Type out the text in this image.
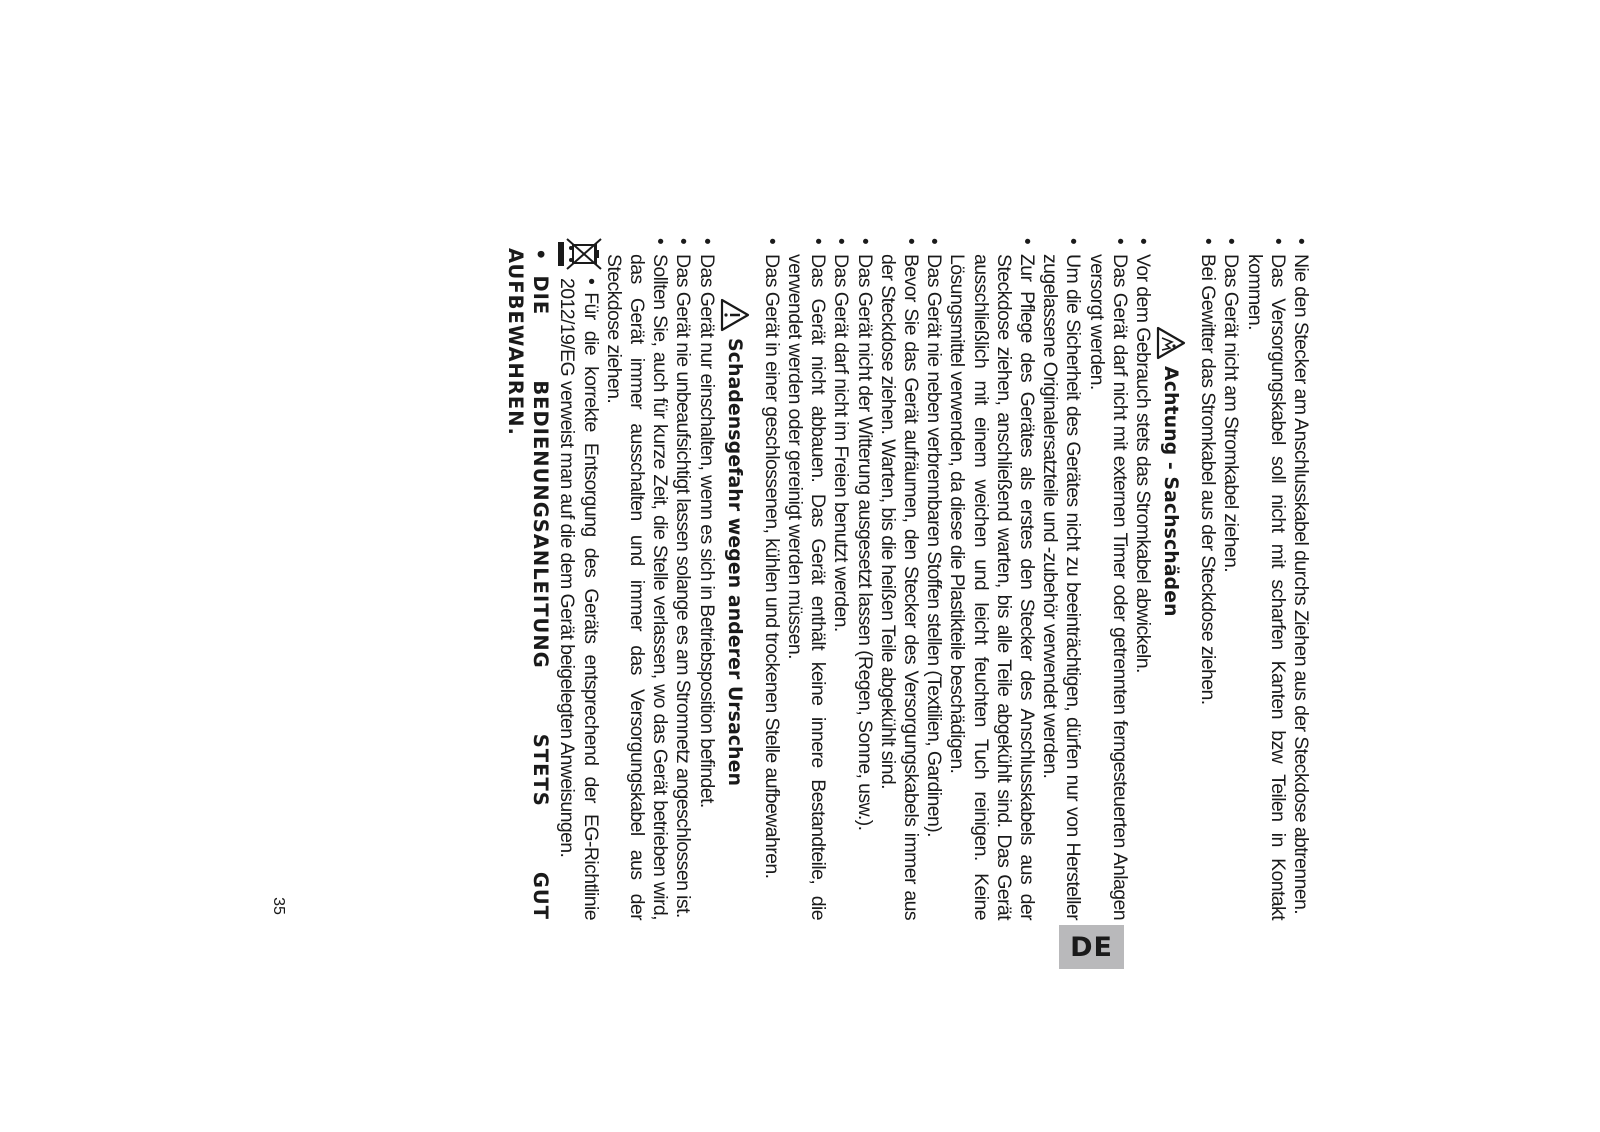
DE
35
•	Nie den Stecker am Anschlusskabel durchs Ziehen aus der Steckdose abtrennen.
• Das Versorgungskabel soll nicht mit scharfen Kanten bzw Teilen in Kontakt kommen.
• Das Gerät nicht am Stromkabel ziehen.
• Bei Gewitter das Stromkabel aus der Steckdose ziehen.
Achtung - Sachschäden
• Vor dem Gebrauch stets das Stromkabel abwickeln.
• Das Gerät darf nicht mit externen Timer oder getrennten ferngesteuerten Anlagen versorgt werden.
• Um die Sicherheit des Gerätes nicht zu beeinträchtigen, dürfen nur von Hersteller zugelassene Originalersatzteile und -zubehör verwendet werden.
• Zur Pflege des Gerätes als erstes den Stecker des Anschlusskabels aus der Steckdose ziehen, anschließend warten, bis alle Teile abgekühlt sind. Das Gerät ausschließlich mit einem weichen und leicht feuchten Tuch reinigen. Keine Lösungsmittel verwenden, da diese die Plastikteile beschädigen.
• Das Gerät nie neben verbrennbaren Stoffen stellen (Textilien, Gardinen).
• Bevor Sie das Gerät aufräumen, den Stecker des Versorgungskabels immer aus der Steckdose ziehen. Warten, bis die heißen Teile abgekühlt sind.
• Das Gerät nicht der Witterung ausgesetzt lassen (Regen, Sonne, usw.).
• Das Gerät darf nicht im Freien benutzt werden.
• Das Gerät nicht abbauen. Das Gerät enthält keine innere Bestandteile, die verwendet werden oder gereinigt werden müssen.
• Das Gerät in einer geschlossenen, kühlen und trockenen Stelle aufbewahren.
Schadensgefahr wegen anderer Ursachen
• Das Gerät nur einschalten, wenn es sich in Betriebsposition befindet.
• Das Gerät nie unbeaufsichtigt lassen solange es am Stromnetz angeschlossen ist.
• Sollten Sie, auch für kurze Zeit, die Stelle verlassen, wo das Gerät betrieben wird, das Gerät immer ausschalten und immer das Versorgungskabel aus der Steckdose ziehen.
•Für die korrekte Entsorgung des Geräts entsprechend der EG-Richtlinie 2012/19/EG verweist man auf die dem Gerät beigelegten Anweisungen.
•DIE BEDIENUNGSANLEITUNG STETS GUT AUFBEWAHREN.
